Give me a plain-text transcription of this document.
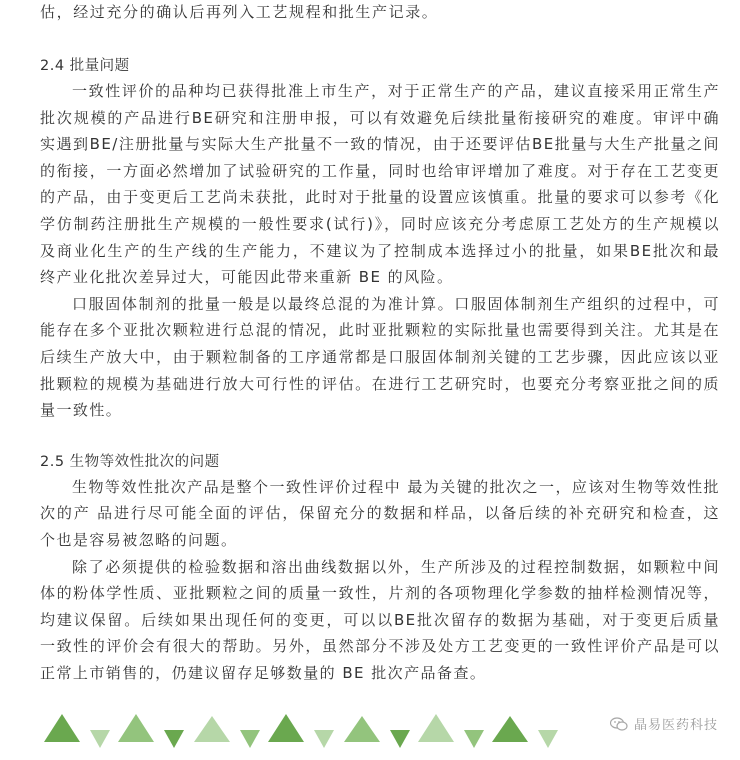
估，经过充分的确认后再列入工艺规程和批生产记录。
2.4 批量问题

一致性评价的品种均已获得批准上市生产，对于正常生产的产品，建议直接采用正常生产批次规模的产品进行BE研究和注册申报，可以有效避免后续批量衔接研究的难度。审评中确实遇到BE/注册批量与实际大生产批量不一致的情况，由于还要评估BE批量与大生产批量之间的衔接，一方面必然增加了试验研究的工作量，同时也给审评增加了难度。对于存在工艺变更的产品，由于变更后工艺尚未获批，此时对于批量的设置应该慎重。批量的要求可以参考《化学仿制药注册批生产规模的一般性要求(试行)》，同时应该充分考虑原工艺处方的生产规模以及商业化生产的生产线的生产能力，不建议为了控制成本选择过小的批量，如果BE批次和最终产业化批次差异过大，可能因此带来重新 BE 的风险。

口服固体制剂的批量一般是以最终总混的为准计算。口服固体制剂生产组织的过程中，可能存在多个亚批次颗粒进行总混的情况，此时亚批颗粒的实际批量也需要得到关注。尤其是在后续生产放大中，由于颗粒制备的工序通常都是口服固体制剂关键的工艺步骤，因此应该以亚批颗粒的规模为基础进行放大可行性的评估。在进行工艺研究时，也要充分考察亚批之间的质量一致性。

2.5 生物等效性批次的问题

生物等效性批次产品是整个一致性评价过程中 最为关键的批次之一，应该对生物等效性批次的产 品进行尽可能全面的评估，保留充分的数据和样品，以备后续的补充研究和检查，这个也是容易被忽略的问题。

除了必须提供的检验数据和溶出曲线数据以外，生产所涉及的过程控制数据，如颗粒中间体的粉体学性质、亚批颗粒之间的质量一致性，片剂的各项物理化学参数的抽样检测情况等，均建议保留。后续如果出现任何的变更，可以以BE批次留存的数据为基础，对于变更后质量一致性的评价会有很大的帮助。另外，虽然部分不涉及处方工艺变更的一致性评价产品是可以正常上市销售的，仍建议留存足够数量的 BE 批次产品备查。

晶易医药科技
